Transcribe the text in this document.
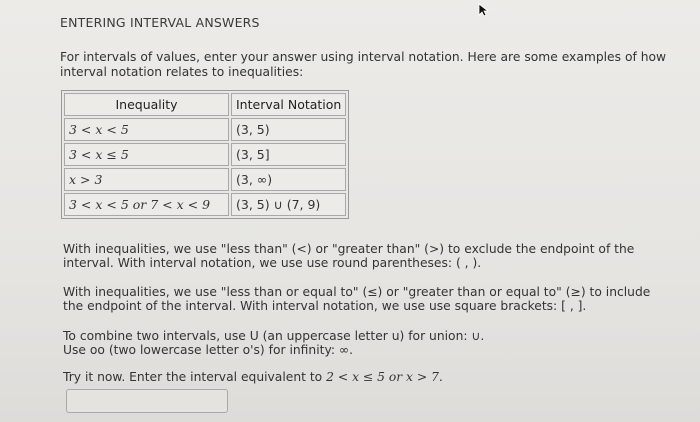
ENTERING INTERVAL ANSWERS
For intervals of values, enter your answer using interval notation. Here are some examples of how interval notation relates to inequalities:
Inequality	Interval Notation
3 < x < 5	(3, 5)
3 < x ≤ 5	(3, 5]
x > 3	(3, ∞)
3 < x < 5 or 7 < x < 9	(3, 5) ∪ (7, 9)
With inequalities, we use "less than" (<) or "greater than" (>) to exclude the endpoint of the interval. With interval notation, we use use round parentheses: ( , ).
With inequalities, we use "less than or equal to" (≤) or "greater than or equal to" (≥) to include the endpoint of the interval. With interval notation, we use use square brackets: [ , ].
To combine two intervals, use U (an uppercase letter u) for union: ∪.
Use oo (two lowercase letter o's) for infinity: ∞.
Try it now. Enter the interval equivalent to 2 < x ≤ 5 or x > 7.
